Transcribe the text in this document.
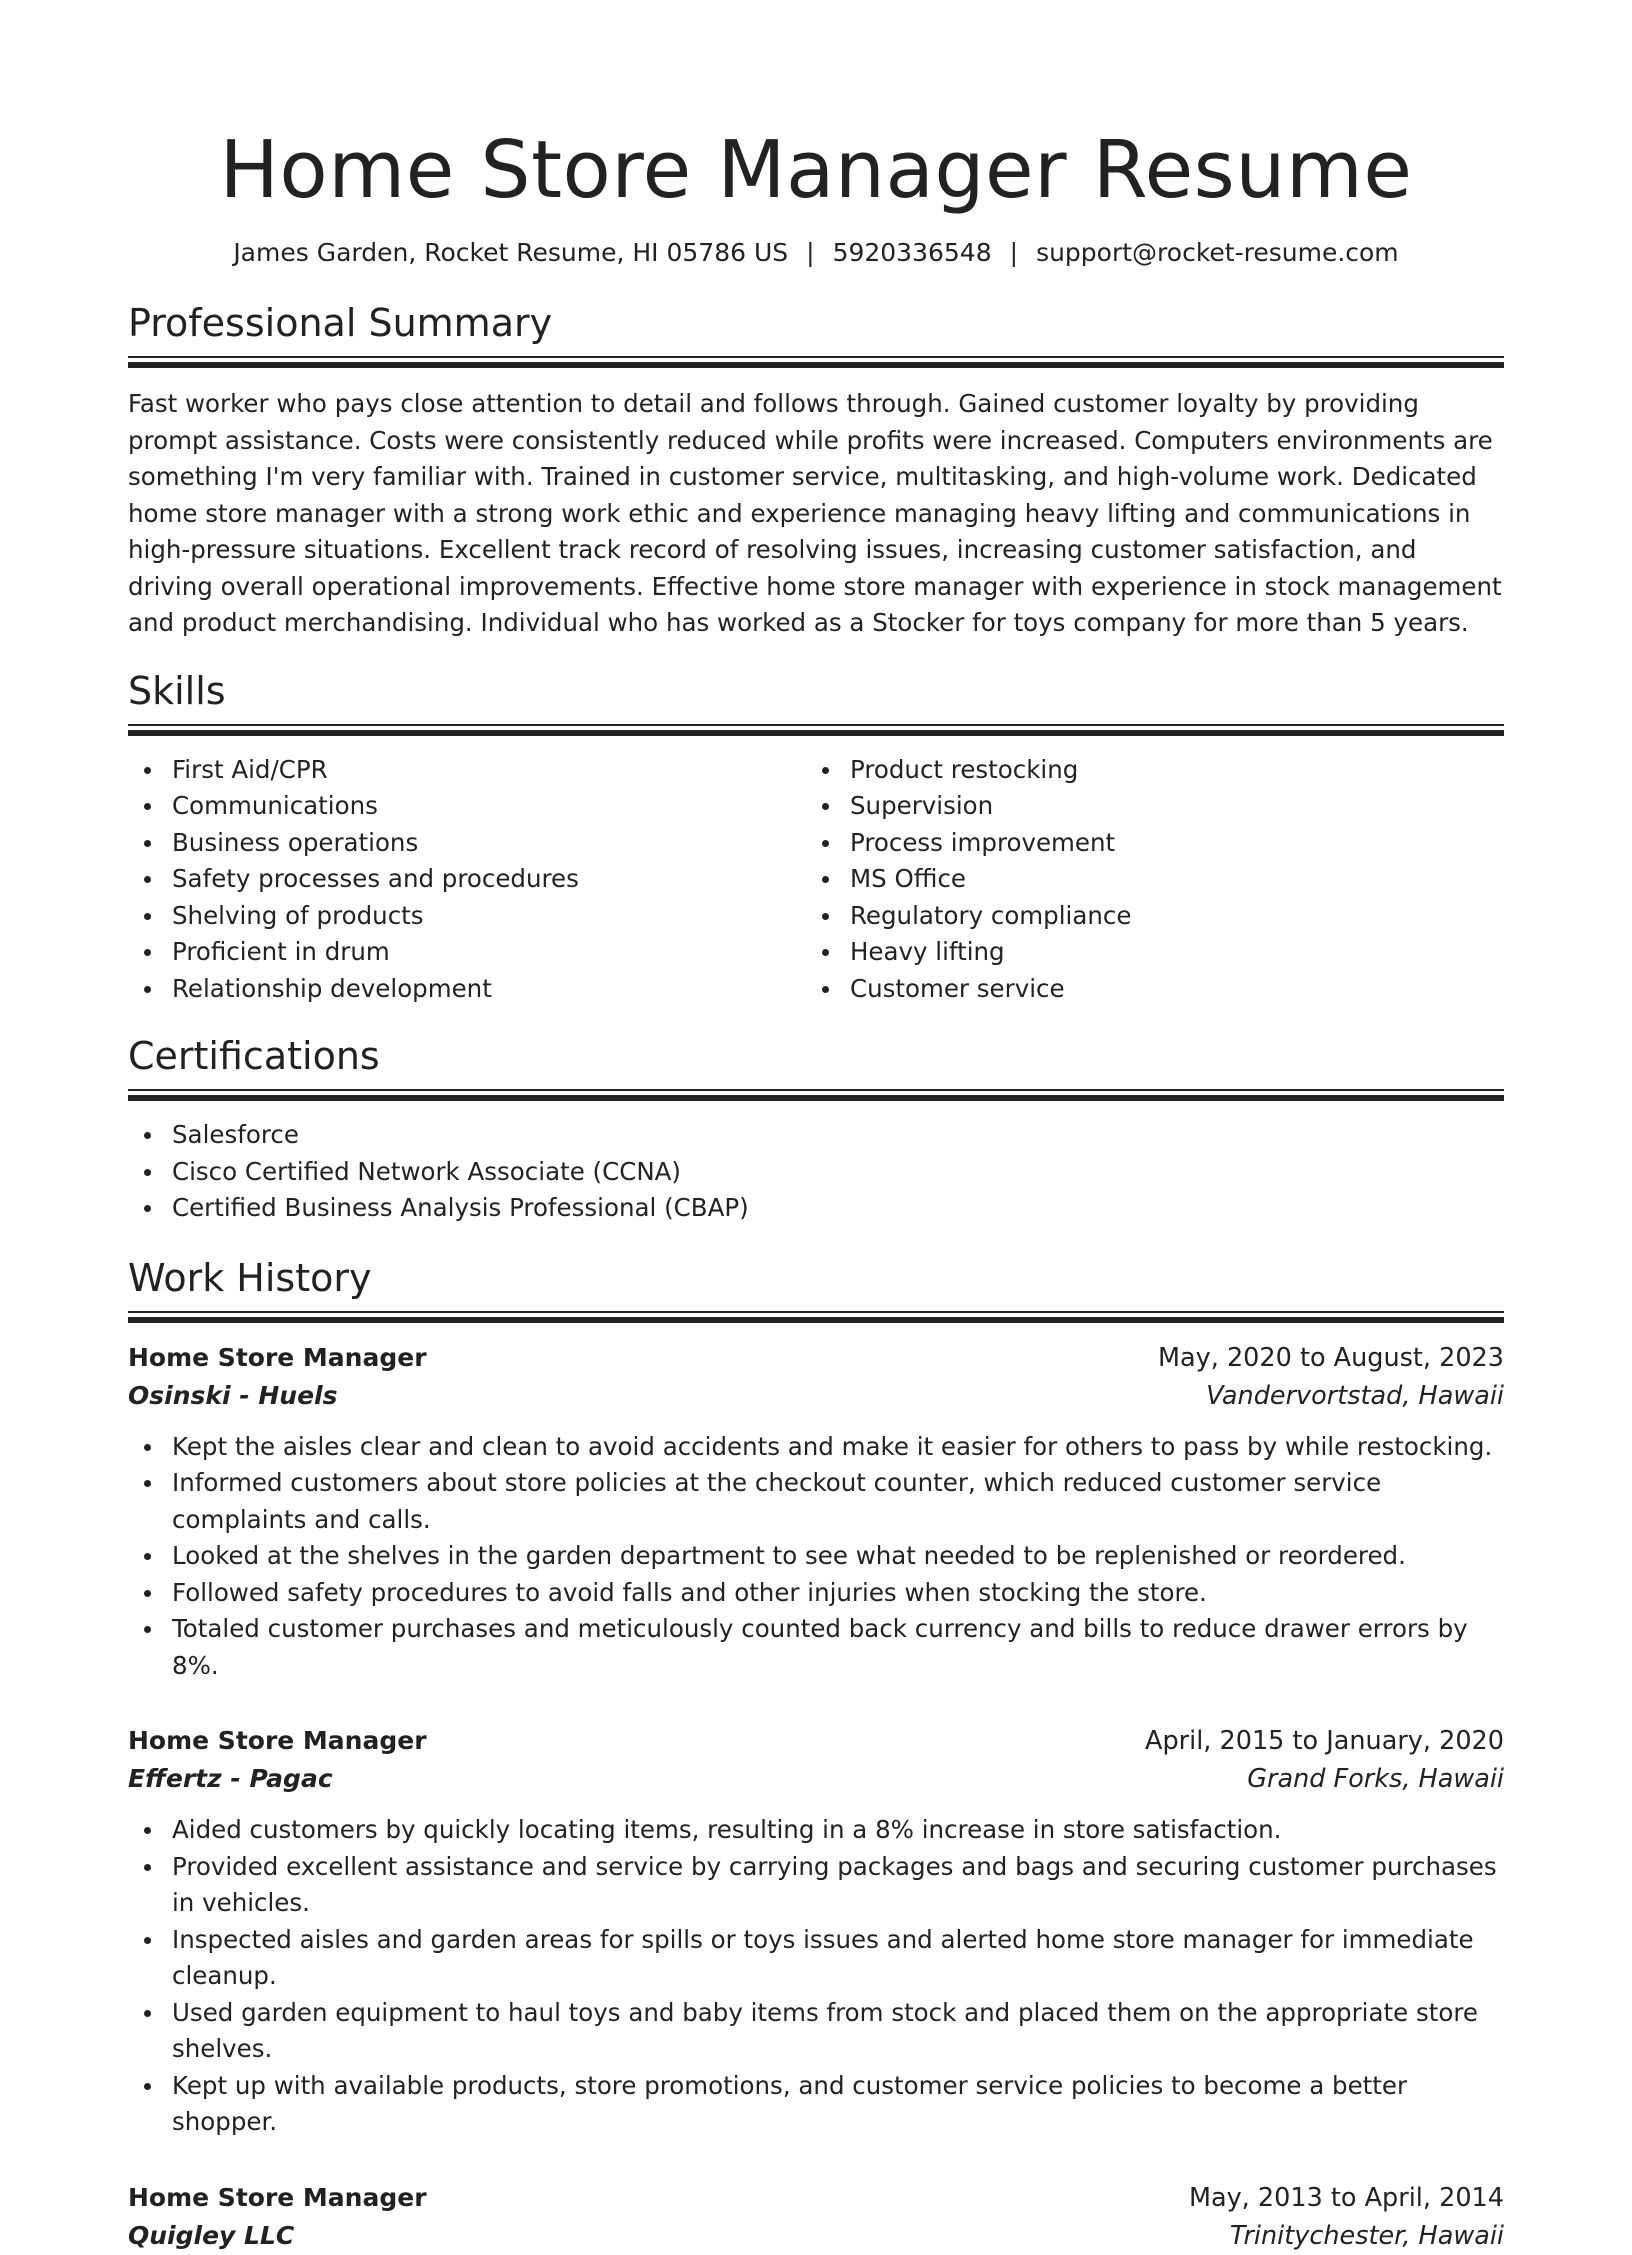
Home Store Manager Resume
James Garden, Rocket Resume, HI 05786 US | 5920336548 | support@rocket-resume.com
Professional Summary

Fast worker who pays close attention to detail and follows through. Gained customer loyalty by providing prompt assistance. Costs were consistently reduced while profits were increased. Computers environments are something I'm very familiar with. Trained in customer service, multitasking, and high-volume work. Dedicated home store manager with a strong work ethic and experience managing heavy lifting and communications in high-pressure situations. Excellent track record of resolving issues, increasing customer satisfaction, and driving overall operational improvements. Effective home store manager with experience in stock management and product merchandising. Individual who has worked as a Stocker for toys company for more than 5 years.

Skills
First Aid/CPR
Communications
Business operations
Safety processes and procedures
Shelving of products
Proficient in drum
Relationship development
Product restocking
Supervision
Process improvement
MS Office
Regulatory compliance
Heavy lifting
Customer service
Certifications
Salesforce
Cisco Certified Network Associate (CCNA)
Certified Business Analysis Professional (CBAP)
Work History
Home Store Manager	May, 2020 to August, 2023
Osinski - Huels	Vandervortstad, Hawaii
Kept the aisles clear and clean to avoid accidents and make it easier for others to pass by while restocking.
Informed customers about store policies at the checkout counter, which reduced customer service complaints and calls.
Looked at the shelves in the garden department to see what needed to be replenished or reordered.
Followed safety procedures to avoid falls and other injuries when stocking the store.
Totaled customer purchases and meticulously counted back currency and bills to reduce drawer errors by 8%.
Home Store Manager	April, 2015 to January, 2020
Effertz - Pagac	Grand Forks, Hawaii
Aided customers by quickly locating items, resulting in a 8% increase in store satisfaction.
Provided excellent assistance and service by carrying packages and bags and securing customer purchases in vehicles.
Inspected aisles and garden areas for spills or toys issues and alerted home store manager for immediate cleanup.
Used garden equipment to haul toys and baby items from stock and placed them on the appropriate store shelves.
Kept up with available products, store promotions, and customer service policies to become a better shopper.
Home Store Manager	May, 2013 to April, 2014
Quigley LLC	Trinitychester, Hawaii
